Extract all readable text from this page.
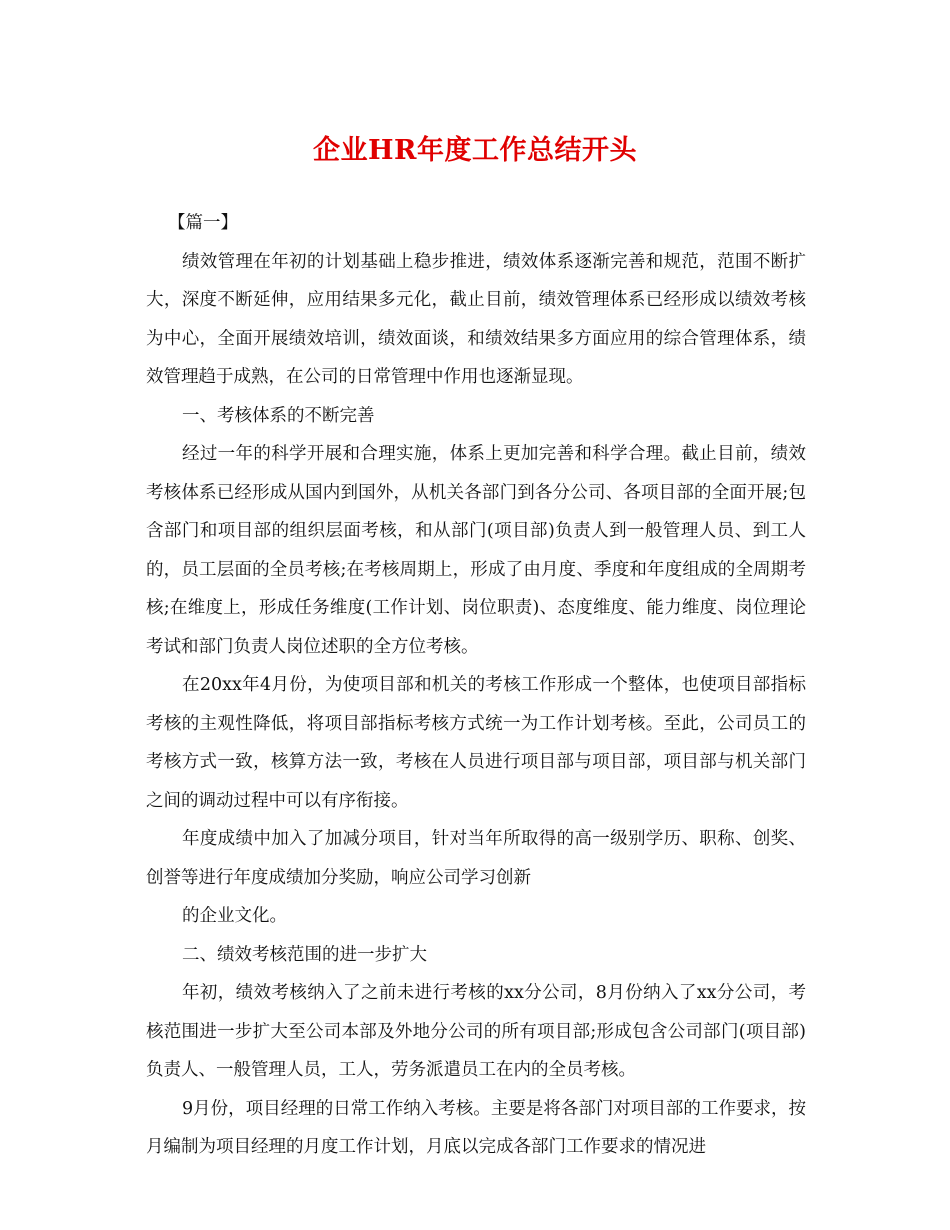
企业HR年度工作总结开头

【篇一】

绩效管理在年初的计划基础上稳步推进，绩效体系逐渐完善和规范，范围不断扩大，深度不断延伸，应用结果多元化，截止目前，绩效管理体系已经形成以绩效考核为中心，全面开展绩效培训，绩效面谈，和绩效结果多方面应用的综合管理体系，绩效管理趋于成熟，在公司的日常管理中作用也逐渐显现。

一、考核体系的不断完善

经过一年的科学开展和合理实施，体系上更加完善和科学合理。截止目前，绩效考核体系已经形成从国内到国外，从机关各部门到各分公司、各项目部的全面开展;包含部门和项目部的组织层面考核，和从部门(项目部)负责人到一般管理人员、到工人的，员工层面的全员考核;在考核周期上，形成了由月度、季度和年度组成的全周期考核;在维度上，形成任务维度(工作计划、岗位职责)、态度维度、能力维度、岗位理论考试和部门负责人岗位述职的全方位考核。

在20xx年4月份，为使项目部和机关的考核工作形成一个整体，也使项目部指标考核的主观性降低，将项目部指标考核方式统一为工作计划考核。至此，公司员工的考核方式一致，核算方法一致，考核在人员进行项目部与项目部，项目部与机关部门之间的调动过程中可以有序衔接。

年度成绩中加入了加减分项目，针对当年所取得的高一级别学历、职称、创奖、创誉等进行年度成绩加分奖励，响应公司学习创新

的企业文化。

二、绩效考核范围的进一步扩大

年初，绩效考核纳入了之前未进行考核的xx分公司，8月份纳入了xx分公司，考核范围进一步扩大至公司本部及外地分公司的所有项目部;形成包含公司部门(项目部)负责人、一般管理人员，工人，劳务派遣员工在内的全员考核。

9月份，项目经理的日常工作纳入考核。主要是将各部门对项目部的工作要求，按月编制为项目经理的月度工作计划，月底以完成各部门工作要求的情况进
